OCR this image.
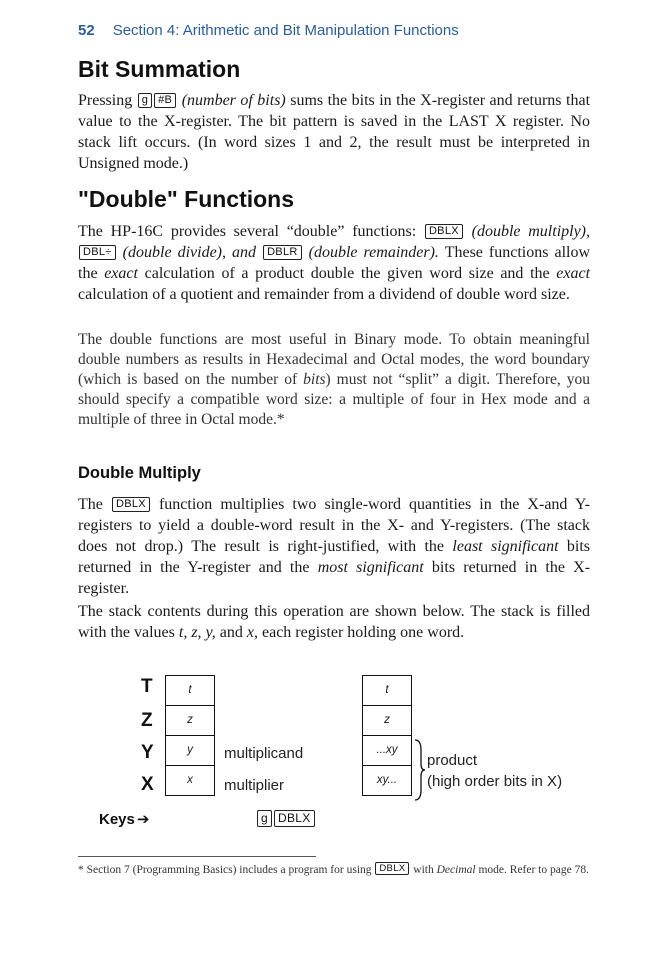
52 Section 4: Arithmetic and Bit Manipulation Functions
Bit Summation
Pressing g #B (number of bits) sums the bits in the X-register and returns that value to the X-register. The bit pattern is saved in the LAST X register. No stack lift occurs. (In word sizes 1 and 2, the result must be interpreted in Unsigned mode.)
"Double" Functions
The HP-16C provides several “double” functions: DBLX (double multiply), DBL÷ (double divide), and DBLR (double remainder). These functions allow the exact calculation of a product double the given word size and the exact calculation of a quotient and remainder from a dividend of double word size.
The double functions are most useful in Binary mode. To obtain meaningful double numbers as results in Hexadecimal and Octal modes, the word boundary (which is based on the number of bits) must not “split” a digit. Therefore, you should specify a compatible word size: a multiple of four in Hex mode and a multiple of three in Octal mode.*
Double Multiply
The DBLX function multiplies two single-word quantities in the X-and Y-registers to yield a double-word result in the X- and Y-registers. (The stack does not drop.) The result is right-justified, with the least significant bits returned in the Y-register and the most significant bits returned in the X-register.
The stack contents during this operation are shown below. The stack is filled with the values t, z, y, and x, each register holding one word.
T
Z
Y
X
t
z
y
x
multiplicand
multiplier
t
z
...xy
xy...
product
(high order bits in X)
Keys ➔	g DBLX
* Section 7 (Programming Basics) includes a program for using DBLX with Decimal mode. Refer to page 78.
